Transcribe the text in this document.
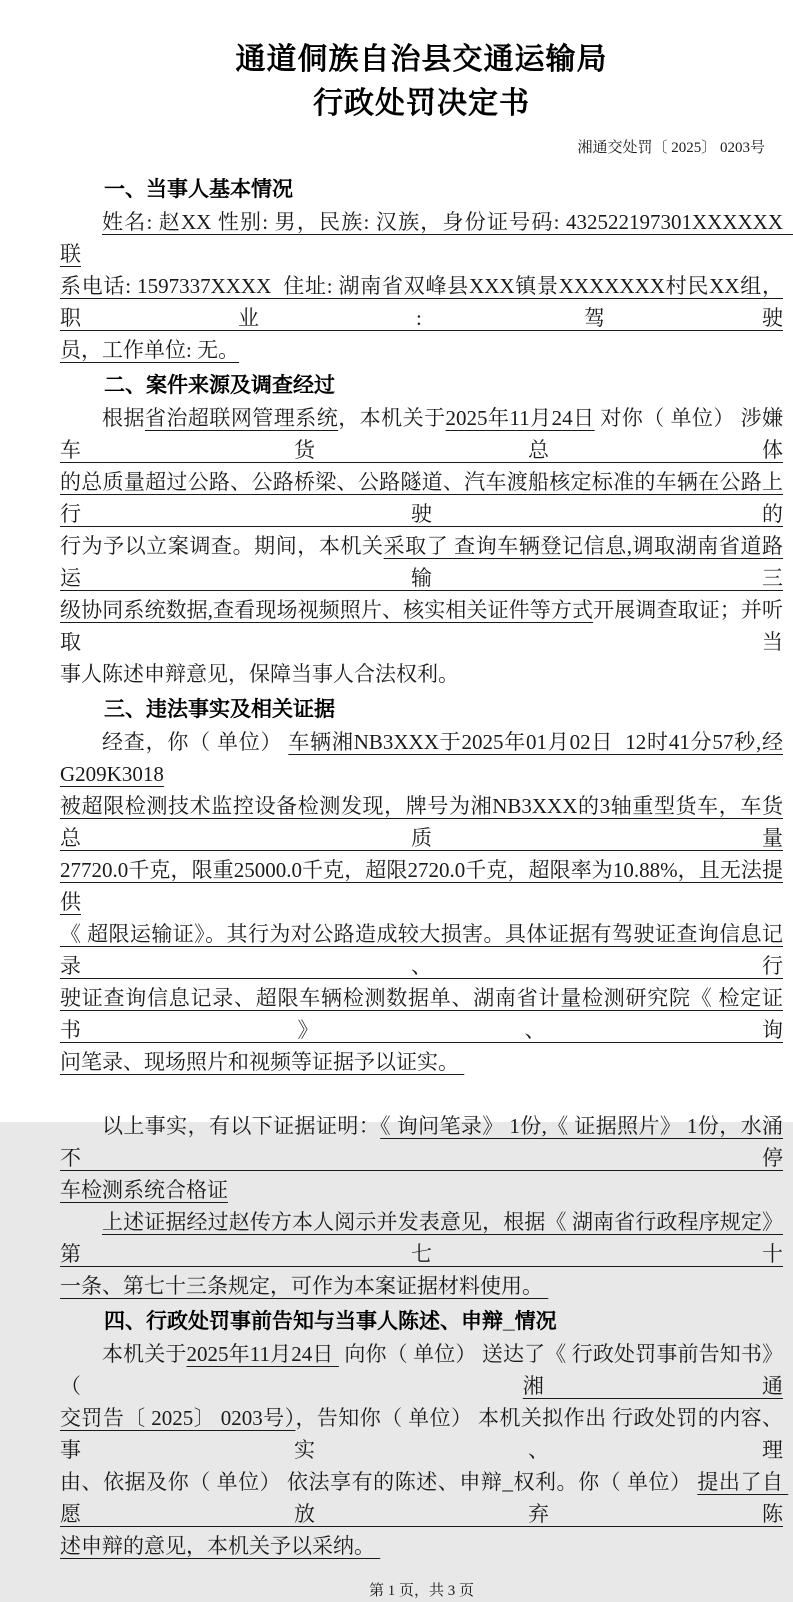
通道侗族自治县交通运输局
行政处罚决定书
湘通交处罚〔 2025〕 0203号
一、当事人基本情况
姓名: 赵XX 性别: 男，民族: 汉族，身份证号码: 432522197301XXXXXX  联
系电话: 1597337XXXX  住址: 湖南省双峰县XXX镇景XXXXXXX村民XX组，职业: 驾驶
员，工作单位: 无。
二、案件来源及调查经过
根据省治超联网管理系统，本机关于2025年11月24日 对你（ 单位） 涉嫌车货总体
的总质量超过公路、公路桥梁、公路隧道、汽车渡船核定标准的车辆在公路上行驶的
行为予以立案调查。期间，本机关采取了 查询车辆登记信息,调取湖南省道路运输三
级协同系统数据,查看现场视频照片、核实相关证件等方式开展调查取证；并听取当
事人陈述申辩意见，保障当事人合法权利。
三、违法事实及相关证据
经查，你（ 单位） 车辆湘NB3XXX于2025年01月02日  12时41分57秒,经G209K3018
被超限检测技术监控设备检测发现，牌号为湘NB3XXX的3轴重型货车，车货总质量
27720.0千克，限重25000.0千克，超限2720.0千克，超限率为10.88%，且无法提供
《 超限运输证》。其行为对公路造成较大损害。具体证据有驾驶证查询信息记录、行
驶证查询信息记录、超限车辆检测数据单、湖南省计量检测研究院《 检定证书》、询
问笔录、现场照片和视频等证据予以证实。
以上事实，有以下证据证明：《 询问笔录》 1份,《 证据照片》 1份，水涌不停
车检测系统合格证
上述证据经过赵传方本人阅示并发表意见，根据《 湖南省行政程序规定》第七十
一条、第七十三条规定，可作为本案证据材料使用。
四、行政处罚事前告知与当事人陈述、申辩_情况
本机关于2025年11月24日  向你（ 单位） 送达了《 行政处罚事前告知书》（ 湘通
交罚告〔 2025〕 0203号），告知你（ 单位） 本机关拟作出 行政处罚的内容、事实、理
由、依据及你（ 单位） 依法享有的陈述、申辩_权利。你（ 单位） 提出了自 愿放弃陈
述申辩的意见，本机关予以采纳。
第 1 页，共 3 页
